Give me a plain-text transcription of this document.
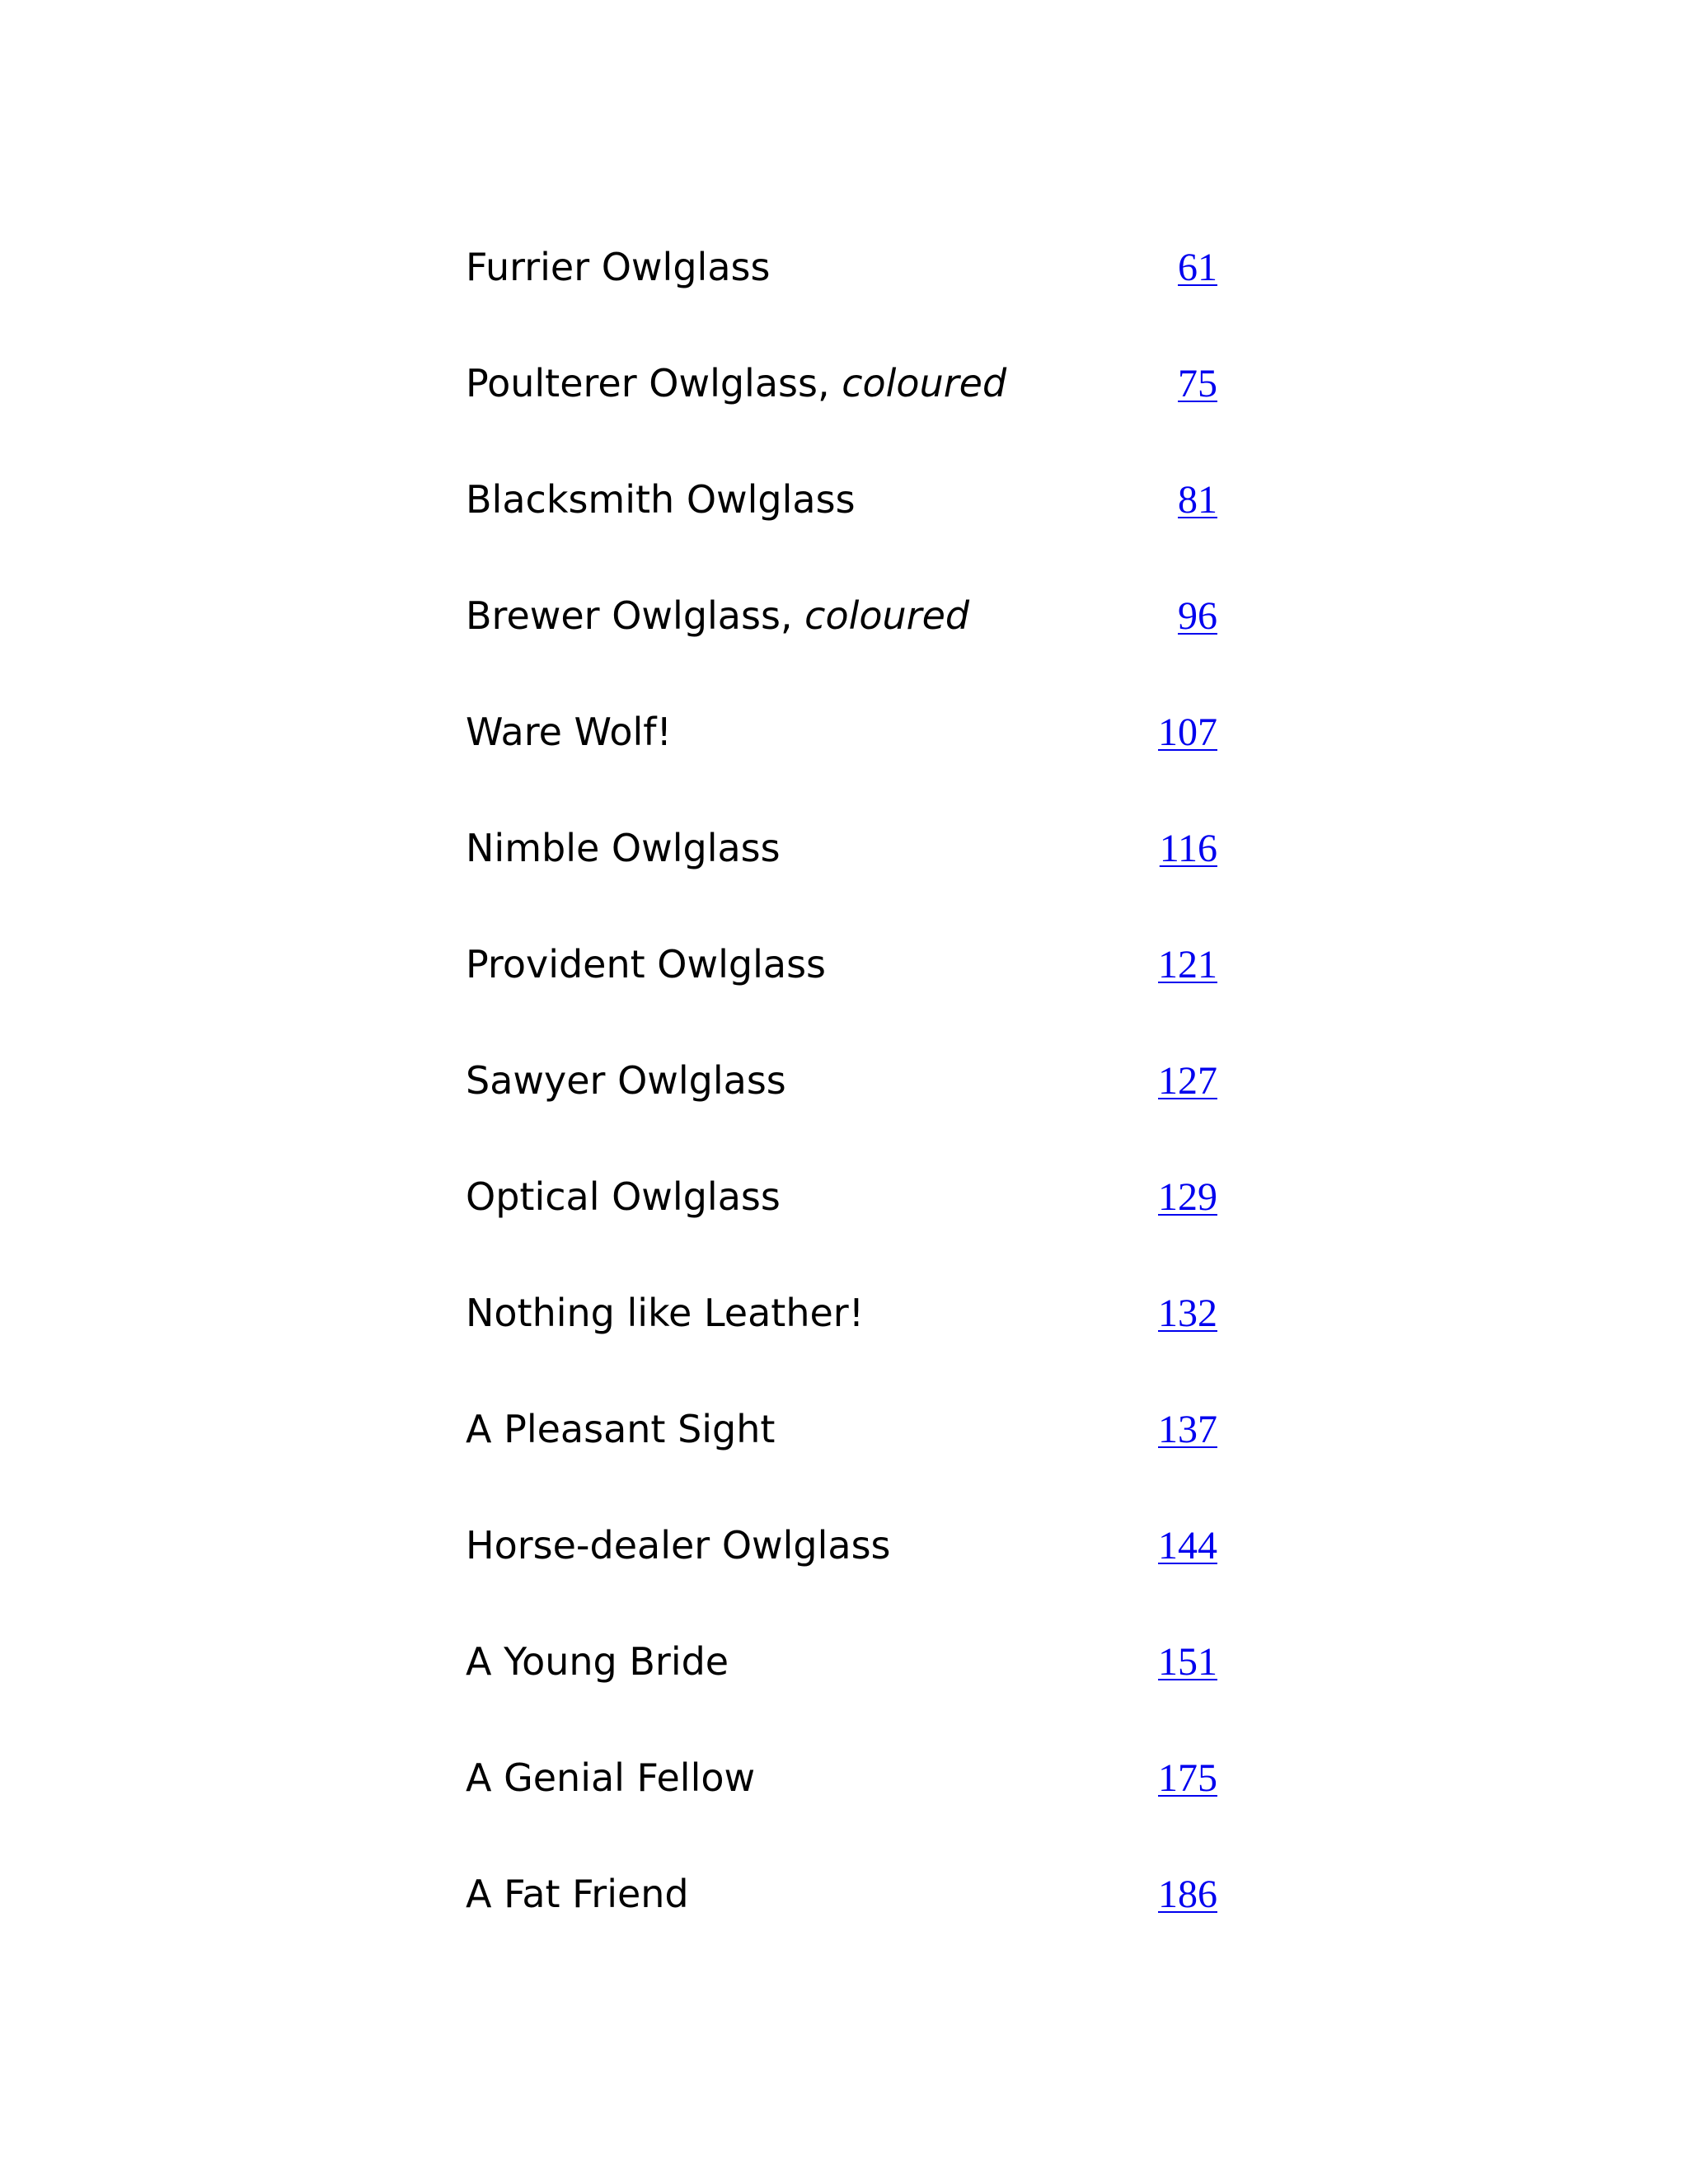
Furrier Owlglass	61
Poulterer Owlglass, coloured	75
Blacksmith Owlglass	81
Brewer Owlglass, coloured	96
Ware Wolf!	107
Nimble Owlglass	116
Provident Owlglass	121
Sawyer Owlglass	127
Optical Owlglass	129
Nothing like Leather!	132
A Pleasant Sight	137
Horse-dealer Owlglass	144
A Young Bride	151
A Genial Fellow	175
A Fat Friend	186
